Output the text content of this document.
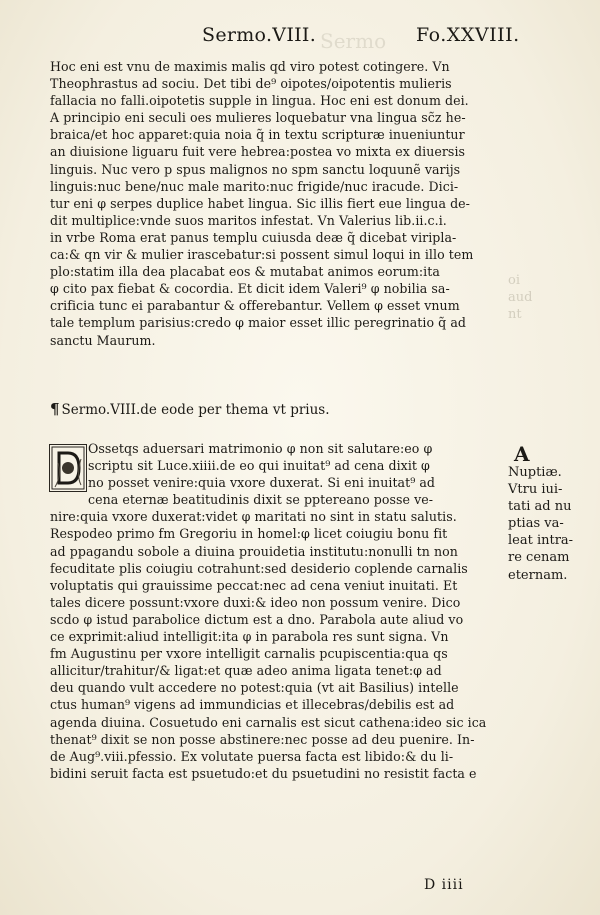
Sermo
oi
aud
nt
Sermo.VIII.	Fo.XXVIII.
Hoc eni est vnu de maximis malis qd viro potest cotingere. Vn
Theophrastus ad sociu. Det tibi de⁹ oipotes/oipotentis mulieris
fallacia no falli.oipotetis supple in lingua. Hoc eni est donum dei.
A principio eni seculi oes mulieres loquebatur vna lingua sc̃z he-
braica/et hoc apparet:quia noia q̃ in textu scripturæ inueniuntur
an diuisione liguaru fuit vere hebrea:postea vo mixta ex diuersis
linguis. Nuc vero p spus malignos no spm sanctu loquunẽ varijs
linguis:nuc bene/nuc male marito:nuc frigide/nuc iracude. Dici-
tur eni φ serpes duplice habet lingua. Sic illis fiert eue lingua de-
dit multiplice:vnde suos maritos infestat. Vn Valerius lib.ii.c.i.
in vrbe Roma erat panus templu cuiusda deæ q̃ dicebat viripla-
ca:& qn vir & mulier irascebatur:si possent simul loqui in illo tem
plo:statim illa dea placabat eos & mutabat animos eorum:ita
φ cito pax fiebat & cocordia. Et dicit idem Valeri⁹ φ nobilia sa-
crificia tunc ei parabantur & offerebantur. Vellem φ esset vnum
tale templum parisius:credo φ maior esset illic peregrinatio q̃ ad
sanctu Maurum.
¶ Sermo.VIII.de eode per thema vt prius.
Ossetqs aduersari matrimonio φ non sit salutare:eo φ
scriptu sit Luce.xiiii.de eo qui inuitat⁹ ad cena dixit φ
no posset venire:quia vxore duxerat. Si eni inuitat⁹ ad
cena eternæ beatitudinis dixit se pptereano posse ve-
nire:quia vxore duxerat:videt φ maritati no sint in statu salutis.
Respodeo primo fm Gregoriu in homel:φ licet coiugiu bonu fit
ad ppagandu sobole a diuina prouidetia institutu:nonulli tn non
fecuditate plis coiugiu cotrahunt:sed desiderio coplende carnalis
voluptatis qui grauissime peccat:nec ad cena veniut inuitati. Et
tales dicere possunt:vxore duxi:& ideo non possum venire. Dico
scdo φ istud parabolice dictum est a dno. Parabola aute aliud vo
ce exprimit:aliud intelligit:ita φ in parabola res sunt signa. Vn
fm Augustinu per vxore intelligit carnalis pcupiscentia:qua qs
allicitur/trahitur/& ligat:et quæ adeo anima ligata tenet:φ ad
deu quando vult accedere no potest:quia (vt ait Basilius) intelle
ctus human⁹ vigens ad immundicias et illecebras/debilis est ad
agenda diuina. Cosuetudo eni carnalis est sicut cathena:ideo sic ica
thenat⁹ dixit se non posse abstinere:nec posse ad deu puenire. In-
de Aug⁹.viii.pfessio. Ex volutate puersa facta est libido:& du li-
bidini seruit facta est psuetudo:et du psuetudini no resistit facta e
A
Nuptiæ.
Vtru iui-
tati ad nu
ptias va-
leat intra-
re cenam
eternam.
D iiii
